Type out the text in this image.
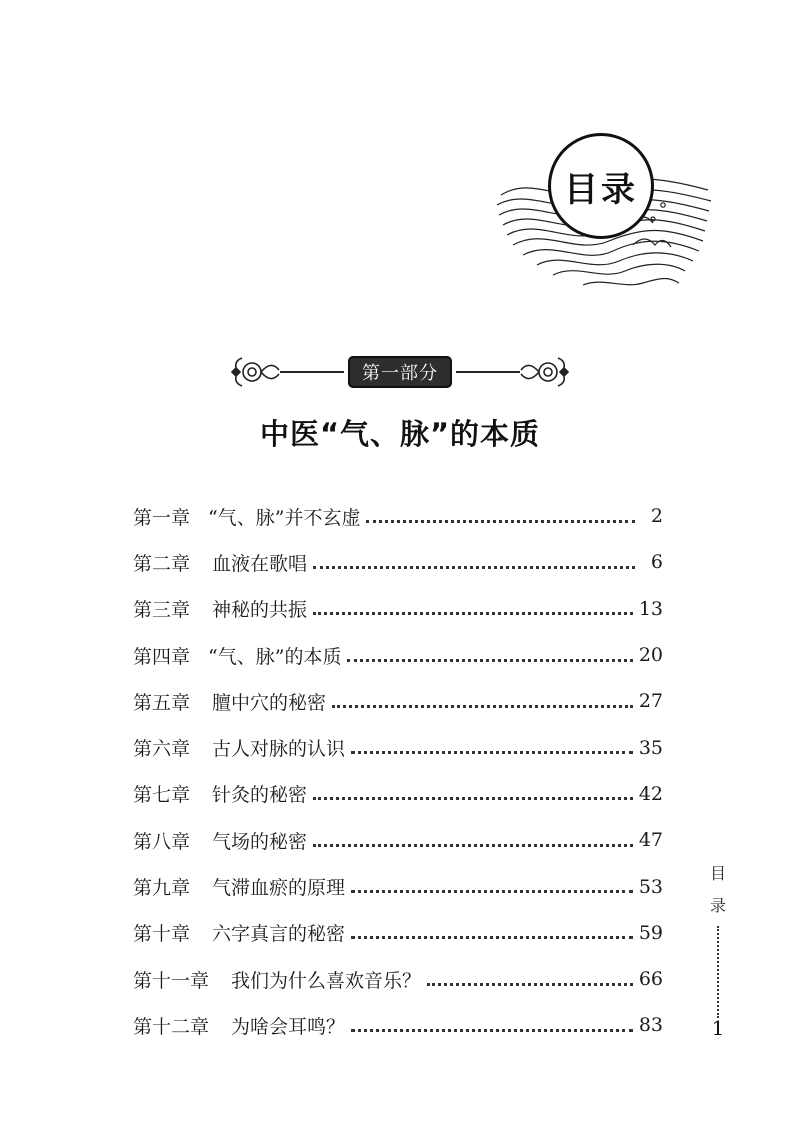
目录
第一部分
中医“气、脉”的本质
第一章 “气、脉”并不玄虚	2
第二章 血液在歌唱	6
第三章 神秘的共振	13
第四章 “气、脉”的本质	20
第五章 膻中穴的秘密	27
第六章 古人对脉的认识	35
第七章 针灸的秘密	42
第八章 气场的秘密	47
第九章 气滞血瘀的原理	53
第十章 六字真言的秘密	59
第十一章 我们为什么喜欢音乐？	66
第十二章 为啥会耳鸣？	83
目
录
1
